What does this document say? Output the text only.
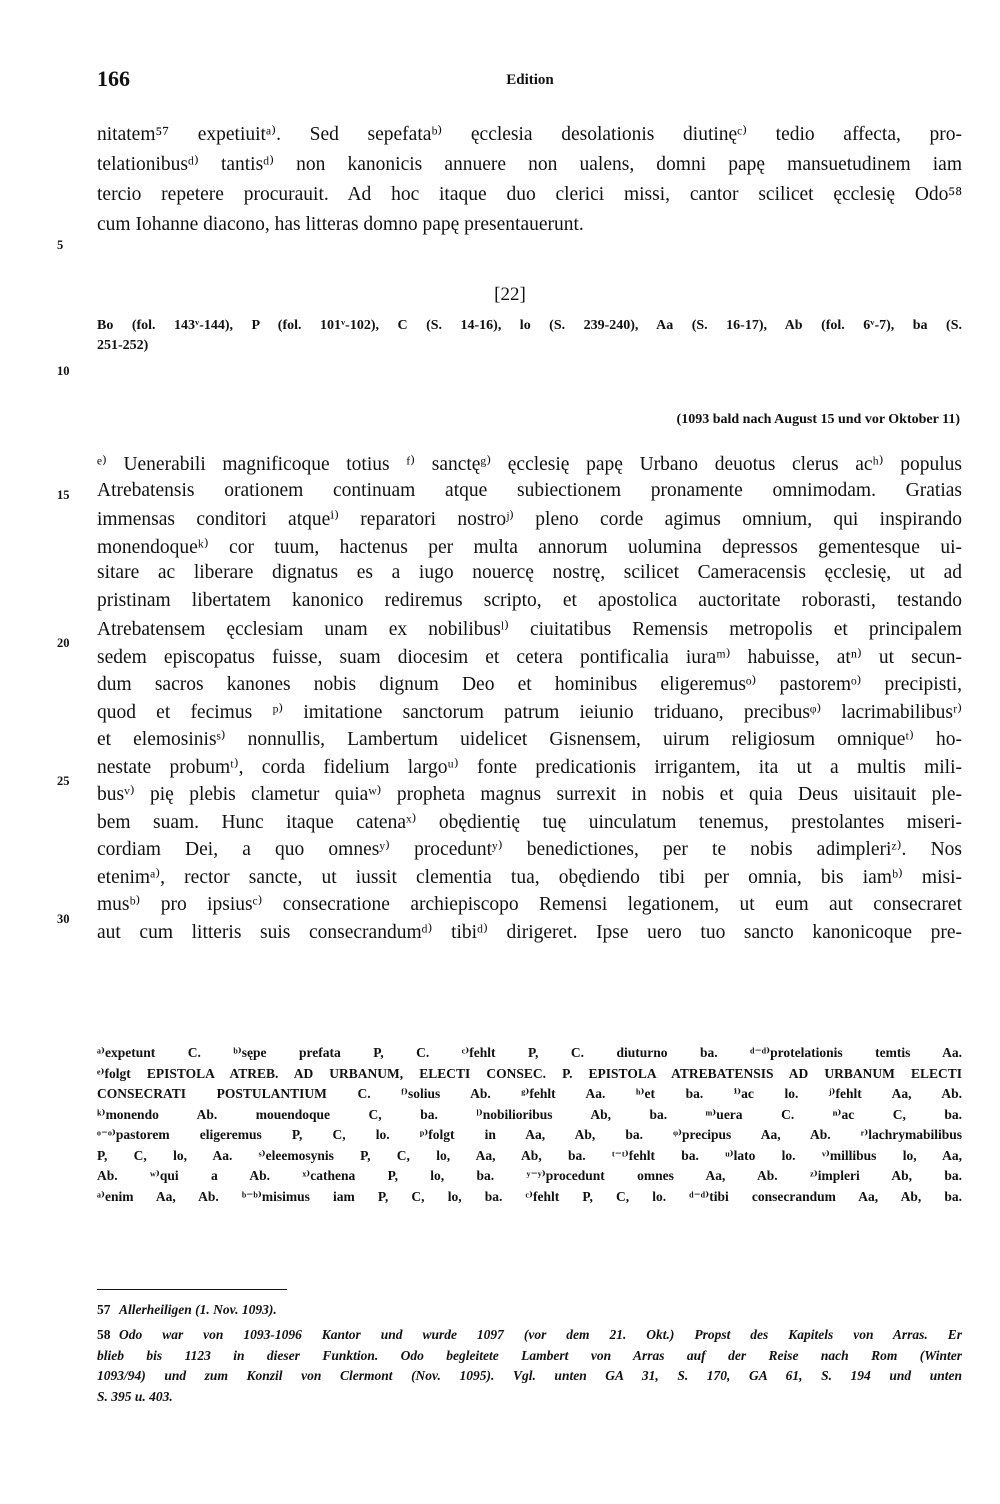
166	Edition
nitatem⁵⁷ expetiuitᵃ⁾. Sed sepefataᵇ⁾ ęcclesia desolationis diutinęᶜ⁾ tedio affecta, pro-
telationibusᵈ⁾ tantisᵈ⁾ non kanonicis annuere non ualens, domni papę mansuetudinem iam
tercio repetere procurauit. Ad hoc itaque duo clerici missi, cantor scilicet ęcclesię Odo⁵⁸
cum Iohanne diacono, has litteras domno papę presentauerunt.
5
10
15
20
25
30
[22]
Bo (fol. 143ᵛ-144), P (fol. 101ᵛ-102), C (S. 14-16), lo (S. 239-240), Aa (S. 16-17), Ab (fol. 6ᵛ-7), ba (S.
251-252)
(1093 bald nach August 15 und vor Oktober 11)
ᵉ⁾ Uenerabili magnificoque totius ᶠ⁾ sanctęᵍ⁾ ęcclesię papę Urbano deuotus clerus acʰ⁾ populus
Atrebatensis orationem continuam atque subiectionem pronamente omnimodam. Gratias
immensas conditori atqueⁱ⁾ reparatori nostroʲ⁾ pleno corde agimus omnium, qui inspirando
monendoqueᵏ⁾ cor tuum, hactenus per multa annorum uolumina depressos gementesque ui-
sitare ac liberare dignatus es a iugo nouercę nostrę, scilicet Cameracensis ęcclesię, ut ad
pristinam libertatem kanonico rediremus scripto, et apostolica auctoritate roborasti, testando
Atrebatensem ęcclesiam unam ex nobilibusˡ⁾ ciuitatibus Remensis metropolis et principalem
sedem episcopatus fuisse, suam diocesim et cetera pontificalia iuraᵐ⁾ habuisse, atⁿ⁾ ut secun-
dum sacros kanones nobis dignum Deo et hominibus eligeremusᵒ⁾ pastoremᵒ⁾ precipisti,
quod et fecimus ᵖ⁾ imitatione sanctorum patrum ieiunio triduano, precibusᵠ⁾ lacrimabilibusʳ⁾
et elemosinisˢ⁾ nonnullis, Lambertum uidelicet Gisnensem, uirum religiosum omniqueᵗ⁾ ho-
nestate probumᵗ⁾, corda fidelium largoᵘ⁾ fonte predicationis irrigantem, ita ut a multis mili-
busᵛ⁾ pię plebis clametur quiaʷ⁾ propheta magnus surrexit in nobis et quia Deus uisitauit ple-
bem suam. Hunc itaque catenaˣ⁾ obędientię tuę uinculatum tenemus, prestolantes miseri-
cordiam Dei, a quo omnesʸ⁾ proceduntʸ⁾ benedictiones, per te nobis adimpleriᶻ⁾. Nos
etenimᵃ⁾, rector sancte, ut iussit clementia tua, obędiendo tibi per omnia, bis iamᵇ⁾ misi-
musᵇ⁾ pro ipsiusᶜ⁾ consecratione archiepiscopo Remensi legationem, ut eum aut consecraret
aut cum litteris suis consecrandumᵈ⁾ tibiᵈ⁾ dirigeret. Ipse uero tuo sancto kanonicoque pre-
ᵃ⁾expetunt C. ᵇ⁾sępe prefata P, C. ᶜ⁾fehlt P, C. diuturno ba. ᵈ⁻ᵈ⁾protelationis temtis Aa.
ᵉ⁾folgt EPISTOLA ATREB. AD URBANUM, ELECTI CONSEC. P. EPISTOLA ATREBATENSIS AD URBANUM ELECTI
CONSECRATI POSTULANTIUM C. ᶠ⁾solius Ab. ᵍ⁾fehlt Aa. ʰ⁾et ba. ⁱ⁾ac lo. ʲ⁾fehlt Aa, Ab.
ᵏ⁾monendo Ab. mouendoque C, ba. ˡ⁾nobilioribus Ab, ba. ᵐ⁾uera C. ⁿ⁾ac C, ba.
ᵒ⁻ᵒ⁾pastorem eligeremus P, C, lo. ᵖ⁾folgt in Aa, Ab, ba. ᵠ⁾precipus Aa, Ab. ʳ⁾lachrymabilibus
P, C, lo, Aa. ˢ⁾eleemosynis P, C, lo, Aa, Ab, ba. ᵗ⁻ᵗ⁾fehlt ba. ᵘ⁾lato lo. ᵛ⁾millibus lo, Aa,
Ab. ʷ⁾qui a Ab. ˣ⁾cathena P, lo, ba. ʸ⁻ʸ⁾procedunt omnes Aa, Ab. ᶻ⁾impleri Ab, ba.
ᵃ⁾enim Aa, Ab. ᵇ⁻ᵇ⁾misimus iam P, C, lo, ba. ᶜ⁾fehlt P, C, lo. ᵈ⁻ᵈ⁾tibi consecrandum Aa, Ab, ba.
57 Allerheiligen (1. Nov. 1093).
58 Odo war von 1093-1096 Kantor und wurde 1097 (vor dem 21. Okt.) Propst des Kapitels von Arras. Er
blieb bis 1123 in dieser Funktion. Odo begleitete Lambert von Arras auf der Reise nach Rom (Winter
1093/94) und zum Konzil von Clermont (Nov. 1095). Vgl. unten GA 31, S. 170, GA 61, S. 194 und unten
S. 395 u. 403.
